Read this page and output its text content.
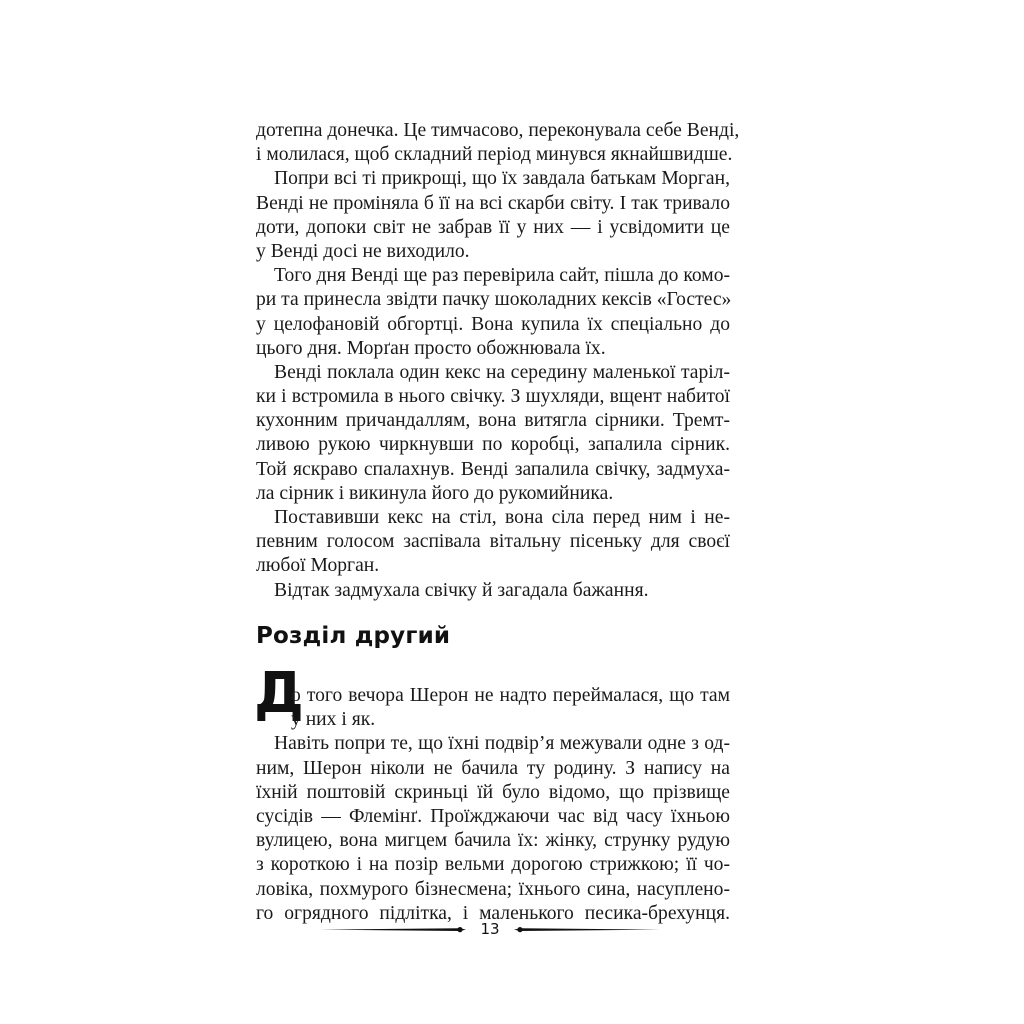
дотепна донечка. Це тимчасово, переконувала себе Венді,
і молилася, щоб складний період минувся якнайшвидше.
Попри всі ті прикрощі, що їх завдала батькам Морган,
Венді не проміняла б її на всі скарби світу. І так тривало
доти, допоки світ не забрав її у них — і усвідомити це
у Венді досі не виходило.
Того дня Венді ще раз перевірила сайт, пішла до комо-
ри та принесла звідти пачку шоколадних кексів «Гостес»
у целофановій обгортці. Вона купила їх спеціально до
цього дня. Морґан просто обожнювала їх.
Венді поклала один кекс на середину маленької таріл-
ки і встромила в нього свічку. З шухляди, вщент набитої
кухонним причандаллям, вона витягла сірники. Тремт-
ливою рукою чиркнувши по коробці, запалила сірник.
Той яскраво спалахнув. Венді запалила свічку, задмуха-
ла сірник і викинула його до рукомийника.
Поставивши кекс на стіл, вона сіла перед ним і не-
певним голосом заспівала вітальну пісеньку для своєї
любої Морган.
Відтак задмухала свічку й загадала бажання.
Розділ другий
Д
о того вечора Шерон не надто переймалася, що там
у них і як.
Навіть попри те, що їхні подвір’я межували одне з од-
ним, Шерон ніколи не бачила ту родину. З напису на
їхній поштовій скриньці їй було відомо, що прізвище
сусідів — Флемінґ. Проїжджаючи час від часу їхньою
вулицею, вона мигцем бачила їх: жінку, струнку рудую
з короткою і на позір вельми дорогою стрижкою; її чо-
ловіка, похмурого бізнесмена; їхнього сина, насуплено-
го огрядного підлітка, і маленького песика-брехунця.
13
